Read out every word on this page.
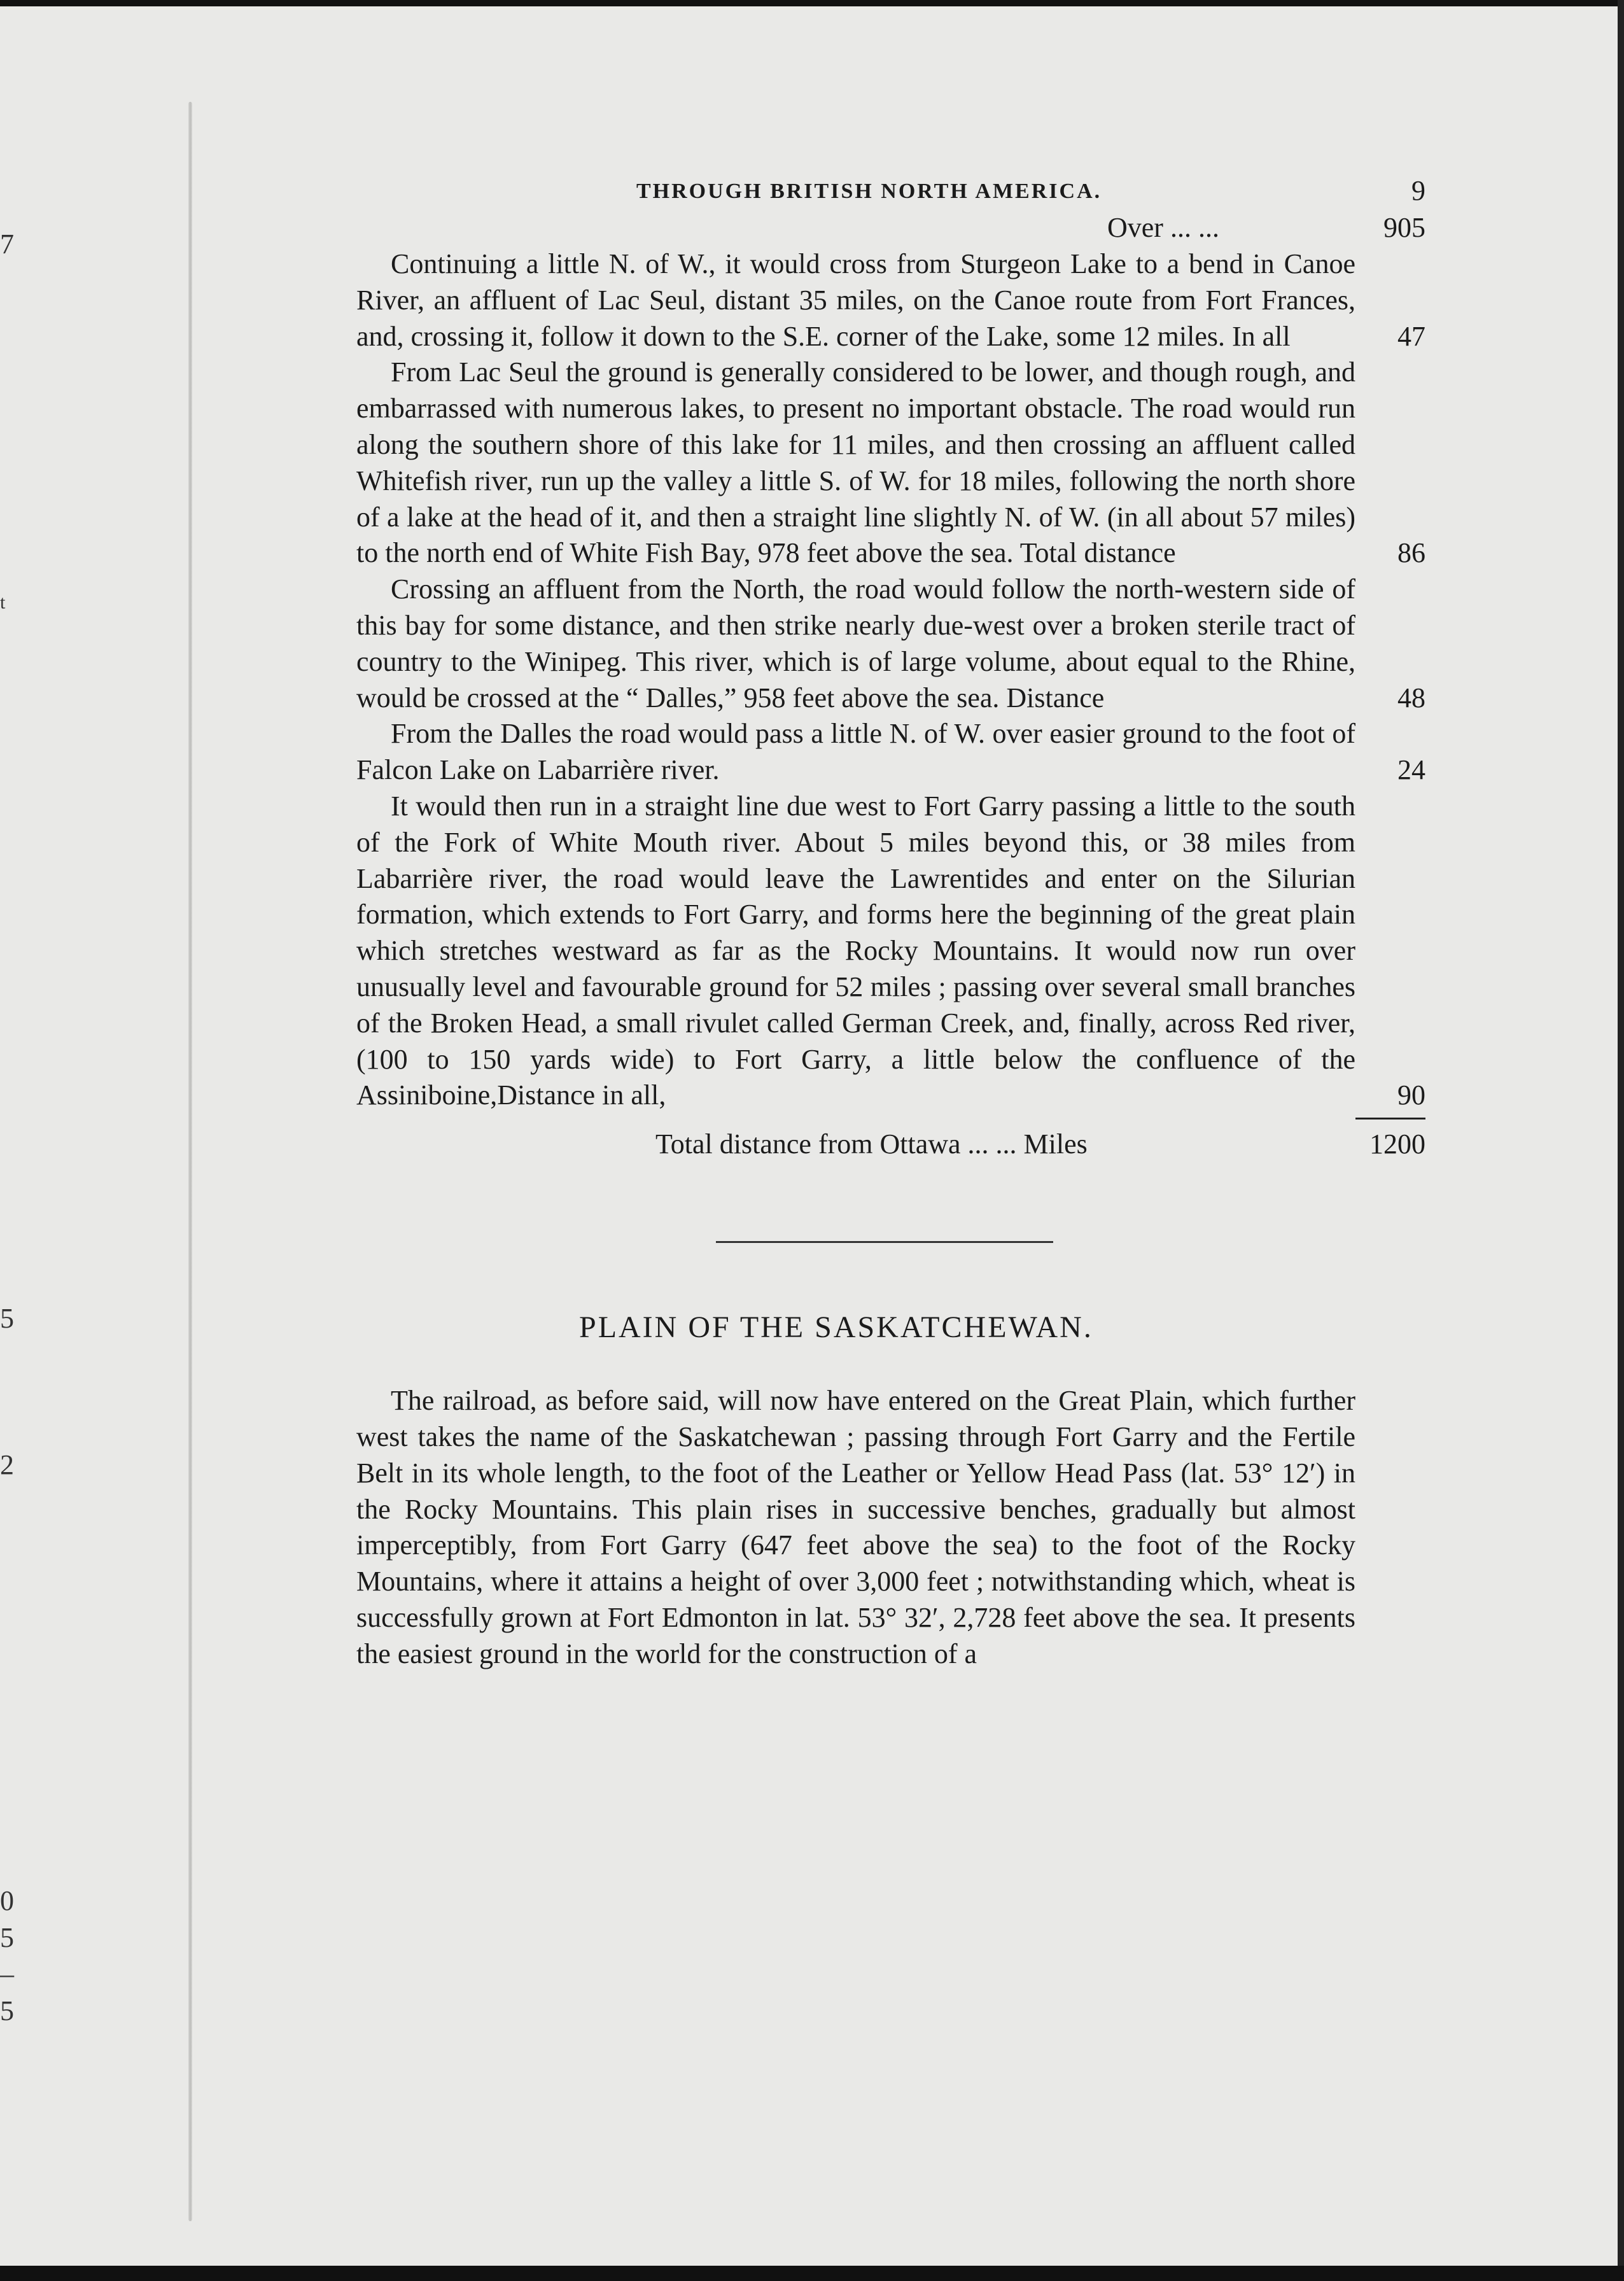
7
t
5
2
0
5
–
5
THROUGH BRITISH NORTH AMERICA.	9
Over ... ...	905

Continuing a little N. of W., it would cross from Sturgeon Lake to a bend in Canoe River, an affluent of Lac Seul, distant 35 miles, on the Canoe route from Fort Frances, and, crossing it, follow it down to the S.E. corner of the Lake, some 12 miles. In all	47

From Lac Seul the ground is generally considered to be lower, and though rough, and embarrassed with numerous lakes, to present no important obstacle. The road would run along the southern shore of this lake for 11 miles, and then crossing an affluent called Whitefish river, run up the valley a little S. of W. for 18 miles, following the north shore of a lake at the head of it, and then a straight line slightly N. of W. (in all about 57 miles) to the north end of White Fish Bay, 978 feet above the sea. Total distance	86

Crossing an affluent from the North, the road would follow the north-western side of this bay for some distance, and then strike nearly due-west over a broken sterile tract of country to the Winipeg. This river, which is of large volume, about equal to the Rhine, would be crossed at the “ Dalles,” 958 feet above the sea. Distance	48

From the Dalles the road would pass a little N. of W. over easier ground to the foot of Falcon Lake on Labarrière river.	24

It would then run in a straight line due west to Fort Garry passing a little to the south of the Fork of White Mouth river. About 5 miles beyond this, or 38 miles from Labarrière river, the road would leave the Lawrentides and enter on the Silurian formation, which extends to Fort Garry, and forms here the beginning of the great plain which stretches westward as far as the Rocky Mountains. It would now run over unusually level and favourable ground for 52 miles ; passing over several small branches of the Broken Head, a small rivulet called German Creek, and, finally, across Red river, (100 to 150 yards wide) to Fort Garry, a little below the confluence of the Assiniboine,Distance in all,	90
Total distance from Ottawa ... ... Miles	1200
PLAIN OF THE SASKATCHEWAN.

The railroad, as before said, will now have entered on the Great Plain, which further west takes the name of the Saskatchewan ; passing through Fort Garry and the Fertile Belt in its whole length, to the foot of the Leather or Yellow Head Pass (lat. 53° 12′) in the Rocky Mountains. This plain rises in successive benches, gradually but almost imperceptibly, from Fort Garry (647 feet above the sea) to the foot of the Rocky Mountains, where it attains a height of over 3,000 feet ; notwithstanding which, wheat is successfully grown at Fort Edmonton in lat. 53° 32′, 2,728 feet above the sea. It presents the easiest ground in the world for the construction of a
